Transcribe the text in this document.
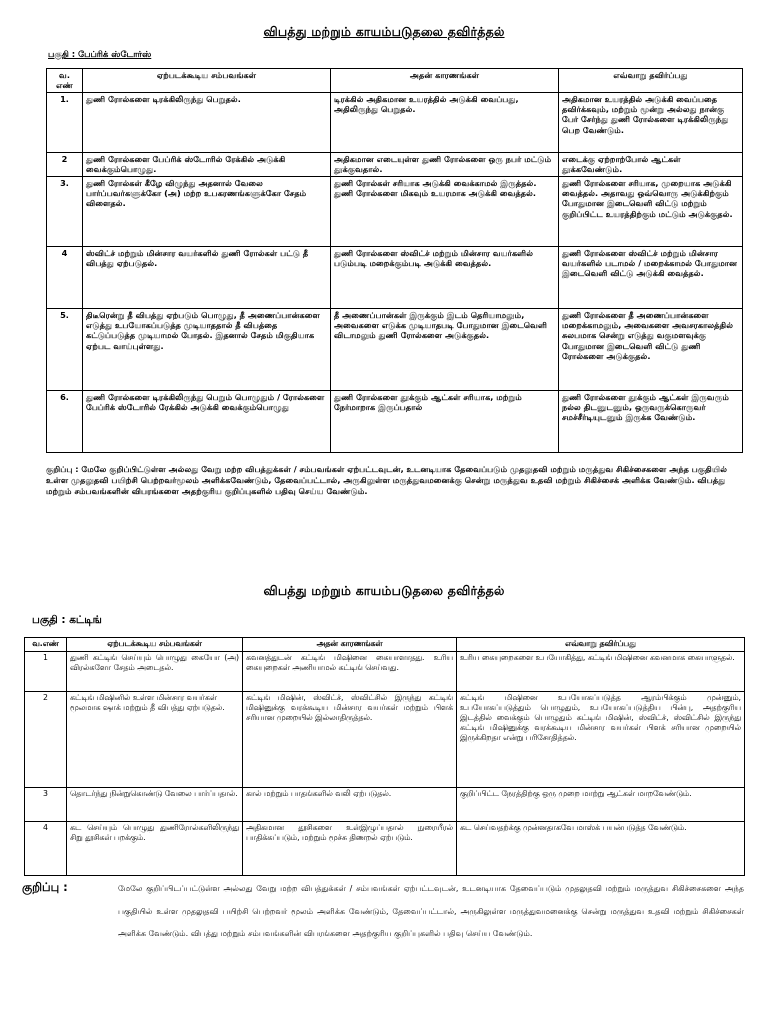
விபத்து மற்றும் காயம்படுதலை தவிர்த்தல்
பகுதி : பேப்ரிக் ஸ்டோர்ஸ்
வ. எண்	ஏற்படக்கூடிய சம்பவங்கள்	அதன் காரணங்கள்	எவ்வாறு தவிர்ப்பது
1.	துணி ரோல்களை டிரக்கிலிருந்து பெறுதல்.	டிரக்கில் அதிகமான உயரத்தில் அடுக்கி வைப்பது, அதிலிருந்து பெறுதல்.	அதிகமான உயரத்தில் அடுக்கி வைப்பதை தவிர்க்கவும், மற்றும் மூன்று அல்லது நான்கு பேர் சேர்ந்து துணி ரோல்களை டிரக்கிலிருந்து பெற வேண்டும்.
2	துணி ரோல்களை பேப்ரிக் ஸ்டோரில் ரேக்கில் அடுக்கி வைக்கும்பொழுது.	அதிகமான எடையுள்ள துணி ரோல்களை ஒரு நபர் மட்டும் தூக்குவதால்.	எடைக்கு ஏற்றாற்போல் ஆட்கள் தூக்கவேண்டும்.
3.	துணி ரோல்கள் கீழே விழுந்து அதனால் வேலை பார்ப்பவர்களுக்கோ (அ) மற்ற உபகரணங்களுக்கோ சேதம் விளைதல்.	துணி ரோல்கள் சரியாக அடுக்கி வைக்காமல் இருத்தல். துணி ரோல்களை மிகவும் உயரமாக அடுக்கி வைத்தல்.	துணி ரோல்களை சரியாக, முறையாக அடுக்கி வைத்தல். அதாவது ஒவ்வொரு அடுக்கிற்கும் போதுமான இடைவெளி விட்டு மற்றும் குறிப்பிட்ட உயரத்திற்கும் மட்டும் அடுக்குதல்.
4	ஸ்விட்ச் மற்றும் மின்சார வயர்களில் துணி ரோல்கள் பட்டு தீ விபத்து ஏற்படுதல்.	துணி ரோல்களை ஸ்விட்ச் மற்றும் மின்சார வயர்களில் படும்படி மறைக்கும்படி அடுக்கி வைத்தல்.	துணி ரோல்களை ஸ்விட்ச் மற்றும் மின்சார வயர்களில் படாமல் / மறைக்காமல் போதுமான இடைவெளி விட்டு அடுக்கி வைத்தல்.
5.	திடீரென்று தீ விபத்து ஏற்படும் பொழுது, தீ அணைப்பான்களை எடுத்து உபயோகப்படுத்த முடியாததால் தீ விபத்தை கட்டுப்படுத்த முடியாமல் போதல். இதனால் சேதம் மிகுதியாக ஏற்பட வாய்புள்ளது.	தீ அணைப்பான்கள் இருக்கும் இடம் தெரியாமலும், அவைகளை எடுக்க முடியாதபடி போதுமான இடைவெளி விடாமலும் துணி ரோல்களை அடுக்குதல்.	துணி ரோல்களை தீ அணைப்பான்களை மறைக்காமலும், அவைகளை அவசரகாலத்தில் சுலபமாக சென்று எடுத்து வகுமளவுக்கு போதுமான இடைவெளி விட்டு துணி ரோல்களை அடுக்குதல்.
6.	துணி ரோல்களை டிரக்கிலிருந்து பெறும் பொழுதும் / ரோல்களை பேப்ரிக் ஸ்டோரில் ரேக்கில் அடுக்கி வைக்கும்பொழுது	துணி ரோல்களை தூக்கும் ஆட்கள் சரியாக, மற்றும் நேர்மாறாக இருப்பதால்	துணி ரோல்களை தூக்கும் ஆட்கள் இருவரும் நல்ல திடனுடனும், ஒருவருக்கொருவர் சமச்சீர்டியுடனும் இருக்க வேண்டும்.
குறிப்பு : மேலே குறிப்பிட்டுள்ள அல்லது வேறு மற்ற விபத்துக்கள் / சம்பவங்கள் ஏற்பட்டவுடன், உடனடியாக தேவைப்படும் முதலுதவி மற்றும் மருத்துவ சிகிச்சைகளை அந்த பகுதியில் உள்ள முதலுதவி பயிற்சி பெற்றவர்மூலம் அளிக்கவேண்டும், தேவைப்பட்டால், அருகிலுள்ள மருத்துவமனைக்கு சென்று மருத்துவ உதவி மற்றும் சிகிச்சைக் அளிக்க வேண்டும். விபத்து மற்றும் சம்பவங்களின் விபரங்களை அதற்குரிய குறிப்புகளில் பதிவு செய்ய வேண்டும்.
விபத்து மற்றும் காயம்படுதலை தவிர்த்தல்
பகுதி : கட்டிங்
வ.எண்	ஏற்படக்கூடிய சம்பவங்கள்	அதன் காரணங்கள்	எவ்வாறு தவிர்ப்பது
1	துணி கட்டிங் செய்யும் பொழுது கையோ (அ) விரல்களோ சேதம் அடைதல்.	கவனத்துடன் கட்டிங் மிஷினை கையாளாதது. உரிய கையுறைகள் அணியாமல் கட்டிங் செய்வது.	உரிய கையுறைகளை உபயோகித்து, கட்டிங் மிஷினை கவனமாக கையாளுதல்.
2	கட்டிங் மிஷினில் உள்ள மின்சார வயர்கள் மூலமாக ஷாக் மற்றும் தீ விபத்து ஏற்படுதல்.	கட்டிங் மிஷின், ஸ்விட்ச், ஸ்விட்சில் இருந்து கட்டிங் மிஷினுக்கு வரக்கூடிய மின்சார வயர்கள் மற்றும் பிளக் சரியான முறையில் இல்லாதிருத்தல்.	கட்டிங் மிஷினை உபயோகப்படுத்த ஆரம்பிக்கும் முன்னும், உபயோகப்படுத்தும் பொழுதும், உபயோகப்படுத்திய பின்பு, அதற்குரிய இடத்தில் வைக்கும் பொழுதும் கட்டிங் மிஷின், ஸ்விட்ச், ஸ்விட்சில் இருந்து கட்டிங் மிஷினுக்கு வரக்கூடிய மின்சார வயர்கள் பிளக் சரியான முறையில் இருக்கிறதா என்று பரிசோதித்தல்.
3	தொடர்ந்து நின்றுகொண்டு வேலை பார்ப்பதால்.	கால் மற்றும் பாதங்களில் வலி ஏற்படுதல்.	குறிப்பிட்ட நேரத்திற்கு ஒரு முறை மாற்று ஆட்கள் மாறவேண்டும்.
4	கட செய்யும் பொழுது துணிரோல்களிலிருந்து சிறு தூசிகள் பறக்கும்.	அதிகமான தூசிகளை உள்இழுப்பதால் நுரையீரல் பாதிக்கப்படும், மற்றும் மூச்சு திணறல் ஏற்படும்.	கட செய்வதற்க்கு முன்னதாகவே மாஸ்க் பயன்படுத்த வேண்டும்.
குறிப்பு :	மேலே குறிப்பிடப்பட்டுள்ள அல்லது வேறு மற்ற விபத்துக்கள் / சம்பவங்கள் ஏற்பட்டவுடன், உடனடியாக தேவைப்படும் முதலுதவி மற்றும் மருத்துவ சிகிச்சைகளை அந்த பகுதியில் உள்ள முதலுதவி பயிற்சி பெற்றவர் மூலம் அளிக்க வேண்டும், தேவைப்பட்டால், அருகிலுள்ள மருத்துவமனைக்கு சென்று மருத்துவ உதவி மற்றும் சிகிச்சைகள் அளிக்க வேண்டும். விபத்து மற்றும் சம்பவங்களின் விபரங்களை அதற்குரிய குறிப்புகளில் பதிவு செய்ய வேண்டும்.
